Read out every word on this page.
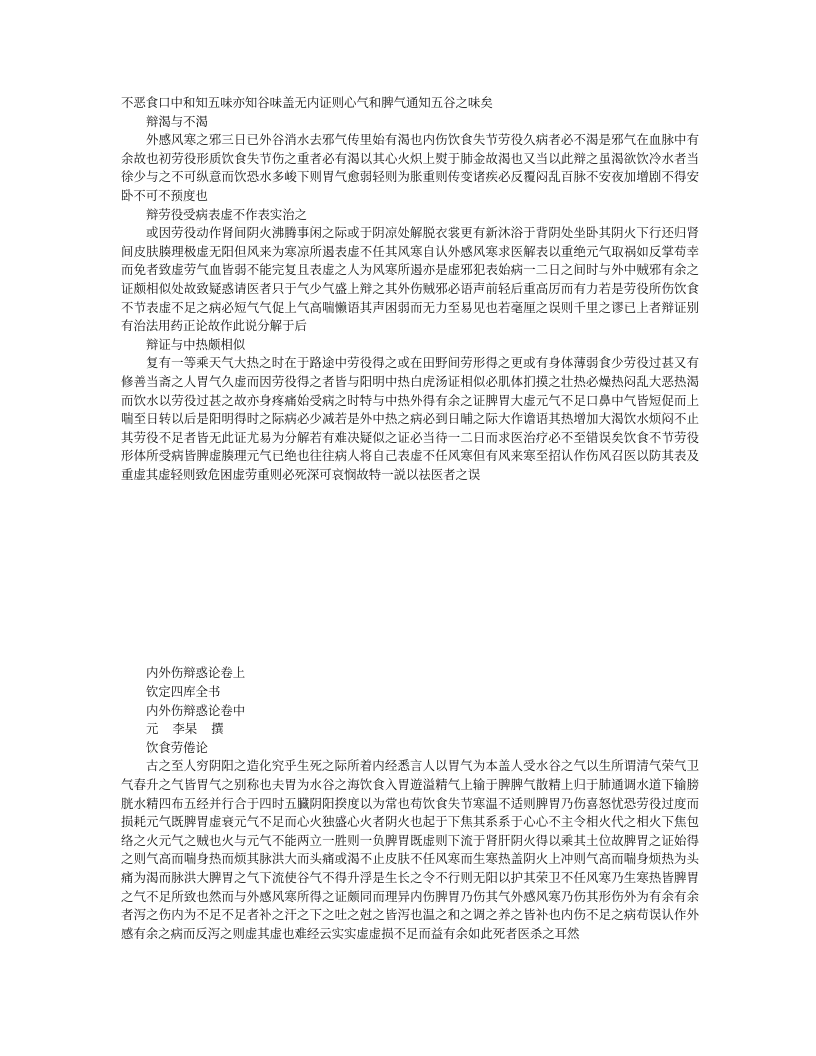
不恶食口中和知五味亦知谷味盖无内证则心气和脾气通知五谷之味矣

辩渴与不渴

外感风寒之邪三日已外谷消水去邪气传里始有渴也内伤饮食失节劳役久病者必不渴是邪气在血脉中有余故也初劳役形质饮食失节伤之重者必有渴以其心火炽上熨于肺金故渴也又当以此辩之虽渴欲饮冷水者当徐少与之不可纵意而饮恐水多峻下则胃气愈弱轻则为胀重则传变诸疾必反覆闷乱百脉不安夜加增剧不得安卧不可不预度也

辩劳役受病表虚不作表实治之

或因劳役动作肾间阴火沸腾事闲之际或于阴凉处解脱衣裳更有新沐浴于背阴处坐卧其阴火下行还归肾间皮肤腠理极虚无阳但风来为寒凉所遏表虚不任其风寒自认外感风寒求医解表以重绝元气取祸如反掌苟幸而免者致虚劳气血皆弱不能完复且表虚之人为风寒所遏亦是虚邪犯表始病一二日之间时与外中贼邪有余之证颇相似处故致疑惑请医者只于气少气盛上辩之其外伤贼邪必语声前轻后重高厉而有力若是劳役所伤饮食不节表虚不足之病必短气气促上气高喘懒语其声困弱而无力至易见也若毫厘之误则千里之谬已上者辩证别有治法用药正论故作此说分解于后

辩证与中热颇相似

复有一等乘天气大热之时在于路途中劳役得之或在田野间劳形得之更或有身体薄弱食少劳役过甚又有修善当斋之人胃气久虚而因劳役得之者皆与阳明中热白虎汤证相似必肌体扪摸之壮热必燥热闷乱大恶热渴而饮水以劳役过甚之故亦身疼痛始受病之时特与中热外得有余之证脾胃大虚元气不足口鼻中气皆短促而上喘至日转以后是阳明得时之际病必少减若是外中热之病必到日晡之际大作谵语其热增加大渴饮水烦闷不止其劳役不足者皆无此证尤易为分解若有难决疑似之证必当待一二日而求医治疗必不至错误矣饮食不节劳役形体所受病皆脾虚腠理元气已绝也往往病人将自己表虚不任风寒但有风来寒至招认作伤风召医以防其表及重虚其虚轻则致危困虚劳重则必死深可哀悯故特一説以祛医者之误

内外伤辩惑论卷上

钦定四库全书

内外伤辩惑论卷中

元 李杲 撰

饮食劳倦论

古之至人穷阴阳之造化究乎生死之际所着内经悉言人以胃气为本盖人受水谷之气以生所谓清气荣气卫气春升之气皆胃气之别称也夫胃为水谷之海饮食入胃遊溢精气上输于脾脾气散精上归于肺通调水道下输膀胱水精四布五经并行合于四时五臓阴阳揆度以为常也苟饮食失节寒温不适则脾胃乃伤喜怒忧恐劳役过度而损耗元气既脾胃虚衰元气不足而心火独盛心火者阴火也起于下焦其系系于心心不主令相火代之相火下焦包络之火元气之贼也火与元气不能两立一胜则一负脾胃既虚则下流于肾肝阴火得以乘其土位故脾胃之证始得之则气高而喘身热而烦其脉洪大而头痛或渴不止皮肤不任风寒而生寒热盖阴火上冲则气高而喘身烦热为头痛为渴而脉洪大脾胃之气下流使谷气不得升浮是生长之令不行则无阳以护其荣卫不任风寒乃生寒热皆脾胃之气不足所致也然而与外感风寒所得之证颇同而理异内伤脾胃乃伤其气外感风寒乃伤其形伤外为有余有余者泻之伤内为不足不足者补之汗之下之吐之尅之皆泻也温之和之调之养之皆补也内伤不足之病苟误认作外感有余之病而反泻之则虚其虚也难经云实实虚虚损不足而益有余如此死者医杀之耳然
